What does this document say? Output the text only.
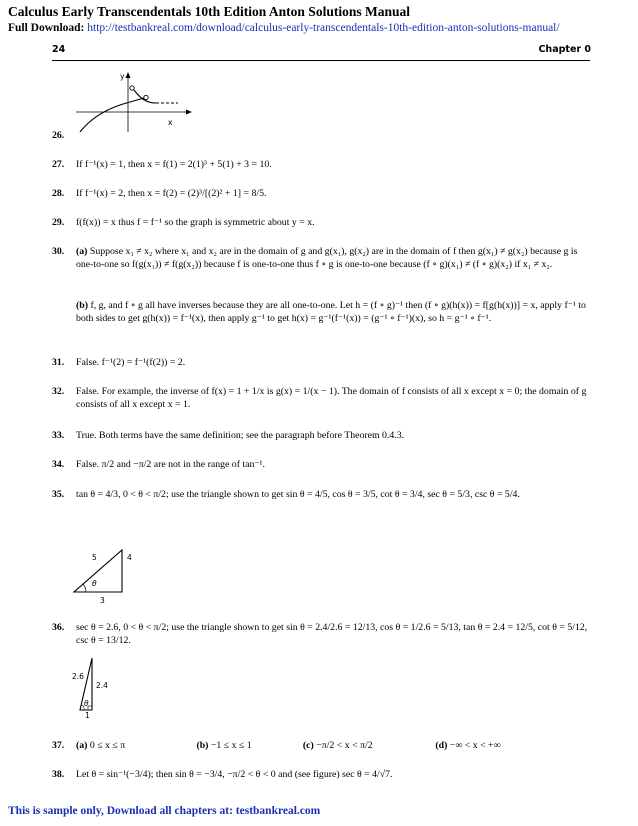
Calculus Early Transcendentals 10th Edition Anton Solutions Manual
Full Download: http://testbankreal.com/download/calculus-early-transcendentals-10th-edition-anton-solutions-manual/
24	Chapter 0
y
x
26.
27. If f⁻¹(x) = 1, then x = f(1) = 2(1)³ + 5(1) + 3 = 10.
28. If f⁻¹(x) = 2, then x = f(2) = (2)³/[(2)² + 1] = 8/5.
29. f(f(x)) = x thus f = f⁻¹ so the graph is symmetric about y = x.
30. (a) Suppose x₁ ≠ x₂ where x₁ and x₂ are in the domain of g and g(x₁), g(x₂) are in the domain of f then g(x₁) ≠ g(x₂) because g is one-to-one so f(g(x₁)) ≠ f(g(x₂)) because f is one-to-one thus f ∘ g is one-to-one because (f ∘ g)(x₁) ≠ (f ∘ g)(x₂) if x₁ ≠ x₂.
(b) f, g, and f ∘ g all have inverses because they are all one-to-one. Let h = (f ∘ g)⁻¹ then (f ∘ g)(h(x)) = f[g(h(x))] = x, apply f⁻¹ to both sides to get g(h(x)) = f⁻¹(x), then apply g⁻¹ to get h(x) = g⁻¹(f⁻¹(x)) = (g⁻¹ ∘ f⁻¹)(x), so h = g⁻¹ ∘ f⁻¹.
31. False. f⁻¹(2) = f⁻¹(f(2)) = 2.
32. False. For example, the inverse of f(x) = 1 + 1/x is g(x) = 1/(x − 1). The domain of f consists of all x except x = 0; the domain of g consists of all x except x = 1.
33. True. Both terms have the same definition; see the paragraph before Theorem 0.4.3.
34. False. π/2 and −π/2 are not in the range of tan⁻¹.
35. tan θ = 4/3, 0 < θ < π/2; use the triangle shown to get sin θ = 4/5, cos θ = 3/5, cot θ = 3/4, sec θ = 5/3, csc θ = 5/4.
5	4
3
θ
36. sec θ = 2.6, 0 < θ < π/2; use the triangle shown to get sin θ = 2.4/2.6 = 12/13, cos θ = 1/2.6 = 5/13, tan θ = 2.4 = 12/5, cot θ = 5/12, csc θ = 13/12.
2.6
2.4
1
θ
37. (a) 0 ≤ x ≤ π	(b) −1 ≤ x ≤ 1	(c) −π/2 < x < π/2	(d) −∞ < x < +∞
38. Let θ = sin⁻¹(−3/4); then sin θ = −3/4, −π/2 < θ < 0 and (see figure) sec θ = 4/√7.
This is sample only, Download all chapters at: testbankreal.com
